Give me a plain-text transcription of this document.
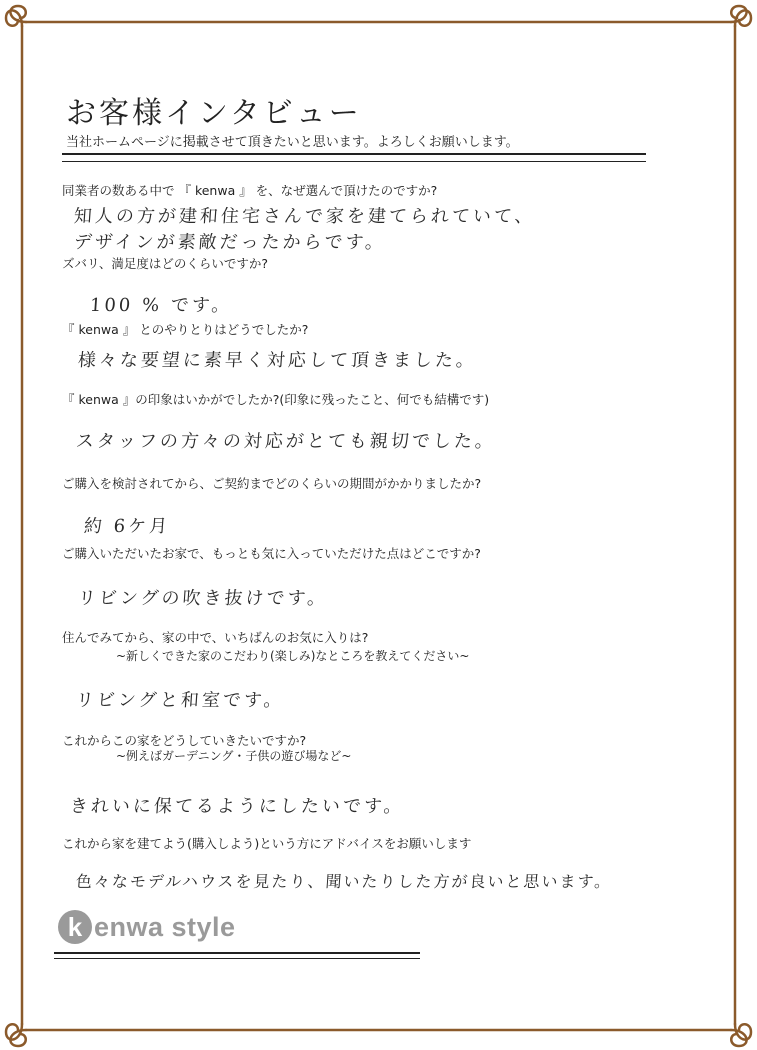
お客様インタビュー
当社ホームページに掲載させて頂きたいと思います。よろしくお願いします。
同業者の数ある中で 『 kenwa 』 を、なぜ選んで頂けたのですか?
知人の方が建和住宅さんで家を建てられていて、
デザインが素敵だったからです。
ズバリ、満足度はどのくらいですか?
100 % です。
『 kenwa 』 とのやりとりはどうでしたか?
様々な要望に素早く対応して頂きました。
『 kenwa 』の印象はいかがでしたか?(印象に残ったこと、何でも結構です)
スタッフの方々の対応がとても親切でした。
ご購入を検討されてから、ご契約までどのくらいの期間がかかりましたか?
約 6ケ月
ご購入いただいたお家で、もっとも気に入っていただけた点はどこですか?
リビングの吹き抜けです。
住んでみてから、家の中で、いちばんのお気に入りは?
~新しくできた家のこだわり(楽しみ)なところを教えてください~
リビングと和室です。
これからこの家をどうしていきたいですか?
~例えばガーデニング・子供の遊び場など~
きれいに保てるようにしたいです。
これから家を建てよう(購入しよう)という方にアドバイスをお願いします
色々なモデルハウスを見たり、聞いたりした方が良いと思います。
k enwa style
